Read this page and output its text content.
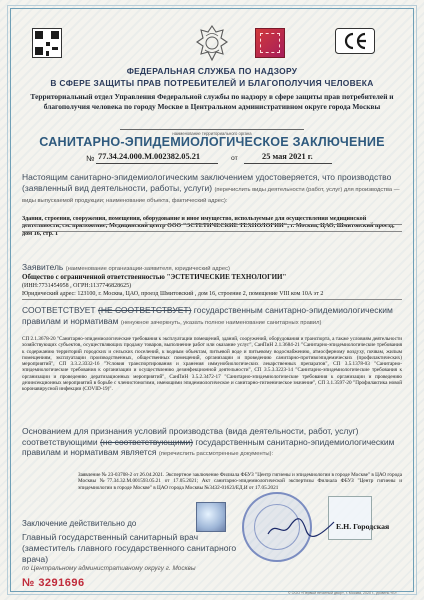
ФЕДЕРАЛЬНАЯ СЛУЖБА ПО НАДЗОРУ
В СФЕРЕ ЗАЩИТЫ ПРАВ ПОТРЕБИТЕЛЕЙ И БЛАГОПОЛУЧИЯ ЧЕЛОВЕКА
Территориальный отдел Управления Федеральной службы по надзору в сфере защиты прав потребителей и благополучия человека по городу Москве в Центральном административном округе города Москвы
наименование территориального органа
САНИТАРНО-ЭПИДЕМИОЛОГИЧЕСКОЕ ЗАКЛЮЧЕНИЕ
№ 77.34.24.000.М.002382.05.21	от	25 мая 2021 г.
Настоящим санитарно-эпидемиологическим заключением удостоверяется, что производство (заявленный вид деятельности, работы, услуги) (перечислить виды деятельности (работ, услуг) для производства — виды выпускаемой продукции; наименование объекта, фактический адрес):
Здания, строения, сооружения, помещения, оборудование и иное имущество, используемые для осуществления медицинской деятельности, см. приложение; Медицинский центр ООО "ЭСТЕТИЧЕСКИЕ ТЕХНОЛОГИИ"; г. Москва, ЦАО, Шмитовский проезд, дом 16, стр. 1
Заявитель (наименование организации-заявителя, юридический адрес)
Общество с ограниченной ответственностью "ЭСТЕТИЧЕСКИЕ ТЕХНОЛОГИИ"
(ИНН:7731454958 , ОГРН:1137746828625)
Юридический адрес: 123100, г. Москва, ЦАО, проезд Шмитовский , дом 16, строение 2, помещение VIII ком 10А эт 2
СООТВЕТСТВУЕТ (НЕ СООТВЕТСТВУЕТ) государственным санитарно-эпидемиологическим правилам и нормативам (ненужное зачеркнуть, указать полное наименование санитарных правил)
СП 2.1.3678-20 "Санитарно-эпидемиологические требования к эксплуатации помещений, зданий, сооружений, оборудования и транспорта, а также условиям деятельности хозяйствующих субъектов, осуществляющих продажу товаров, выполнение работ или оказание услуг", СанПиН 2.1.3684-21 "Санитарно-эпидемиологические требования к содержанию территорий городских и сельских поселений, к водным объектам, питьевой воде и питьевому водоснабжению, атмосферному воздуху, почвам, жилым помещениям, эксплуатации производственных, общественных помещений, организации и проведению санитарно-противоэпидемических (профилактических) мероприятий", СП 3.3.2.3332-16 "Условия транспортирования и хранения иммунобиологических лекарственных препаратов", СП 3.5.1378-03 "Санитарно-эпидемиологические требования к организации и осуществлению дезинфекционной деятельности", СП 3.5.3.3223-14 "Санитарно-эпидемиологические требования к организации и проведению дератизационных мероприятий", СанПиН 3.5.2.3472-17 "Санитарно-эпидемиологические требования к организации и проведению дезинсекционных мероприятий в борьбе с членистоногими, имеющими эпидемиологическое и санитарно-гигиеническое значение", СП 3.1.3597-20 "Профилактика новой коронавирусной инфекции (COVID-19)".
Основанием для признания условий производства (вида деятельности, работ, услуг) соответствующими (не соответствующими) государственным санитарно-эпидемиологическим правилам и нормативам является (перечислить рассмотренные документы):
Заявление № 23-03708-2 от 26.04.2021. Экспертное заключение Филиала ФБУЗ "Центр гигиены и эпидемиологии в городе Москве" в ЦАО города Москвы №77.34.32.М.001593.05.21 от 17.05.2021; Акт санитарно-эпидемиологической экспертизы Филиала ФБУЗ "Центр гигиены и эпидемиологии в городе Москве" в ЦАО города Москвы №3432-01623/ЕД.И от 17.05.2021
Заключение действительно до
Главный государственный санитарный врач
(заместитель главного государственного санитарного врача)
по Центральному административному округу г. Москвы
Е.Н. Городская
№ 3291696
© ООО «Первый печатный двор», г. Москва, 2020 г., уровень «Б»
